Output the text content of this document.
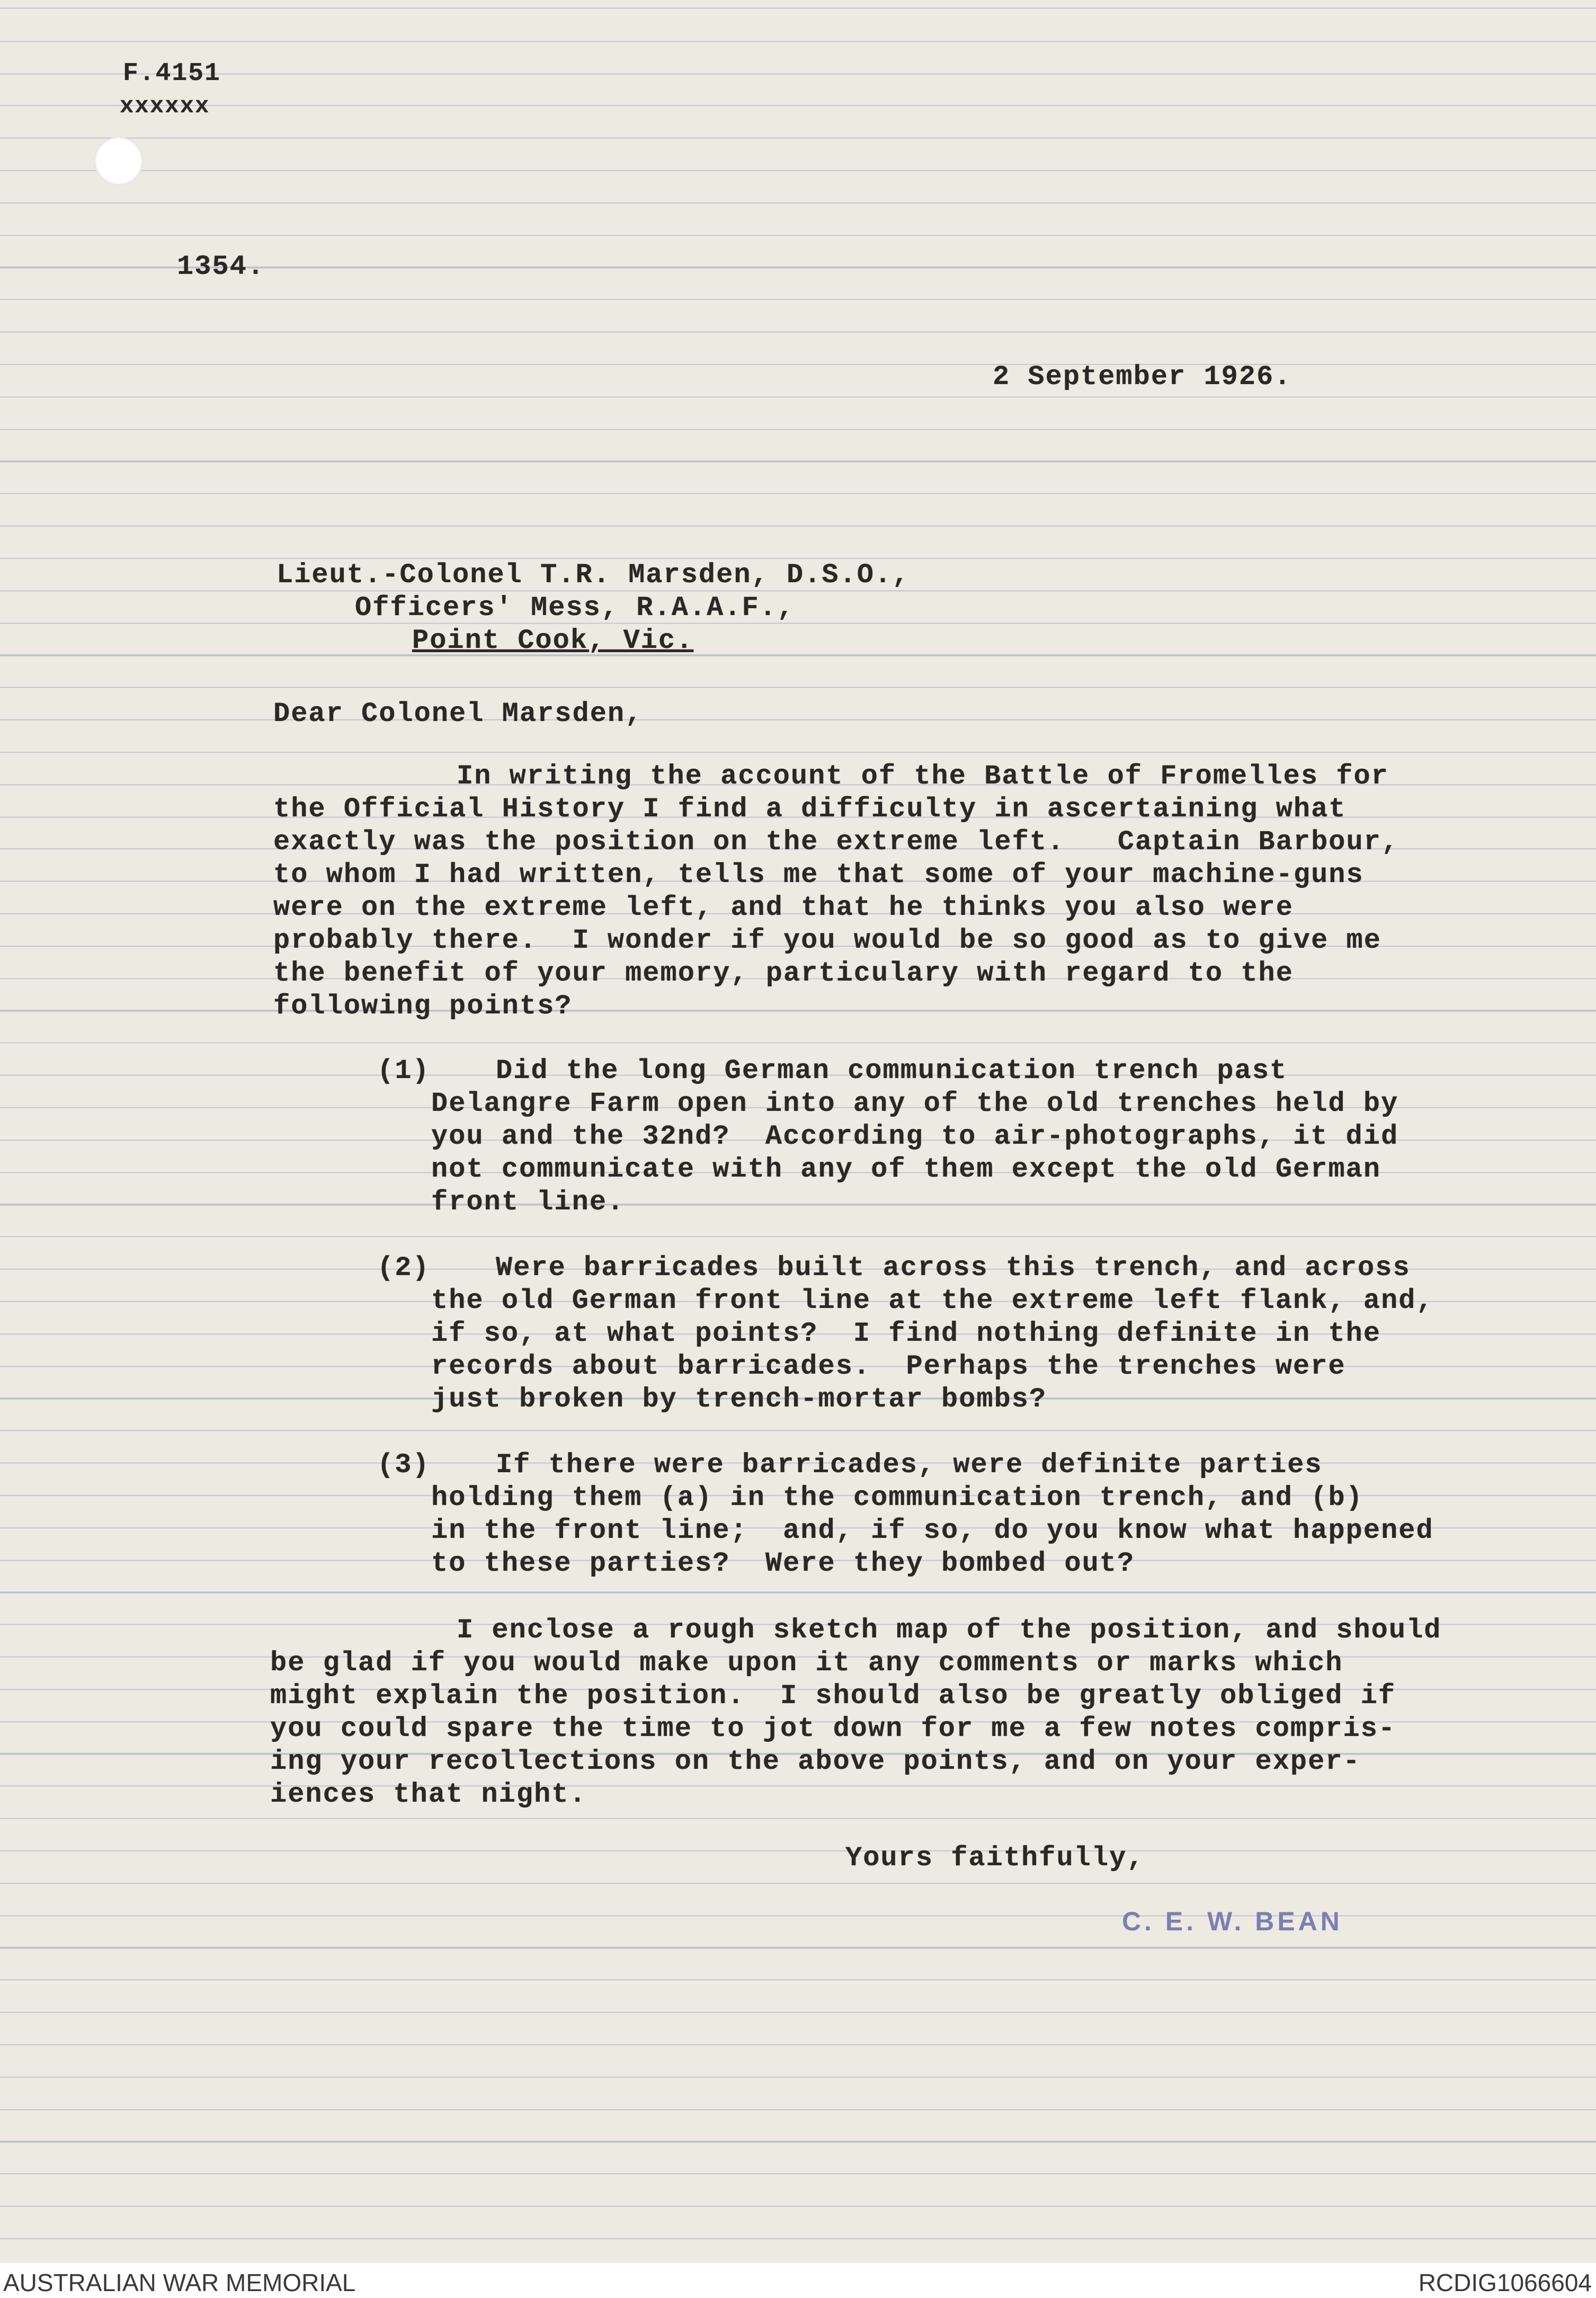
F.4151
xxxxxx
1354.
2 September 1926.
Lieut.-Colonel T.R. Marsden, D.S.O.,
Officers' Mess, R.A.A.F.,
Point Cook, Vic.
Dear Colonel Marsden,
In writing the account of the Battle of Fromelles for
the Official History I find a difficulty in ascertaining what
exactly was the position on the extreme left.   Captain Barbour,
to whom I had written, tells me that some of your machine-guns
were on the extreme left, and that he thinks you also were
probably there.  I wonder if you would be so good as to give me
the benefit of your memory, particulary with regard to the
following points?
(1) Did the long German communication trench past
Delangre Farm open into any of the old trenches held by
you and the 32nd?  According to air-photographs, it did
not communicate with any of them except the old German
front line.
(2) Were barricades built across this trench, and across
the old German front line at the extreme left flank, and,
if so, at what points?  I find nothing definite in the
records about barricades.  Perhaps the trenches were
just broken by trench-mortar bombs?
(3) If there were barricades, were definite parties
holding them (a) in the communication trench, and (b)
in the front line;  and, if so, do you know what happened
to these parties?  Were they bombed out?
I enclose a rough sketch map of the position, and should
be glad if you would make upon it any comments or marks which
might explain the position.  I should also be greatly obliged if
you could spare the time to jot down for me a few notes compris-
ing your recollections on the above points, and on your exper-
iences that night.
Yours faithfully,
C. E. W. BEAN
AUSTRALIAN WAR MEMORIAL	RCDIG1066604
